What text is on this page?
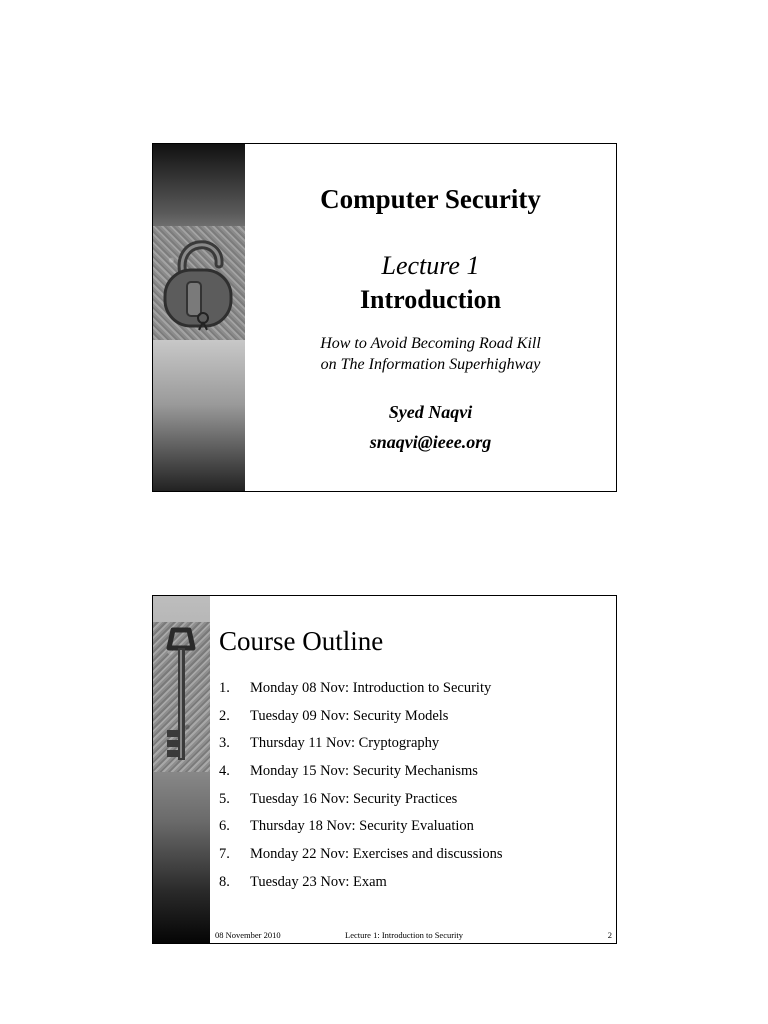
Computer Security
Lecture 1
Introduction
How to Avoid Becoming Road Kill
on The Information Superhighway
Syed Naqvi
snaqvi@ieee.org
Course Outline
1. Monday 08 Nov: Introduction to Security
2. Tuesday 09 Nov: Security Models
3. Thursday 11 Nov: Cryptography
4. Monday 15 Nov: Security Mechanisms
5. Tuesday 16 Nov: Security Practices
6. Thursday 18 Nov: Security Evaluation
7. Monday 22 Nov: Exercises and discussions
8. Tuesday 23 Nov: Exam
08 November 2010	Lecture 1: Introduction to Security	2
